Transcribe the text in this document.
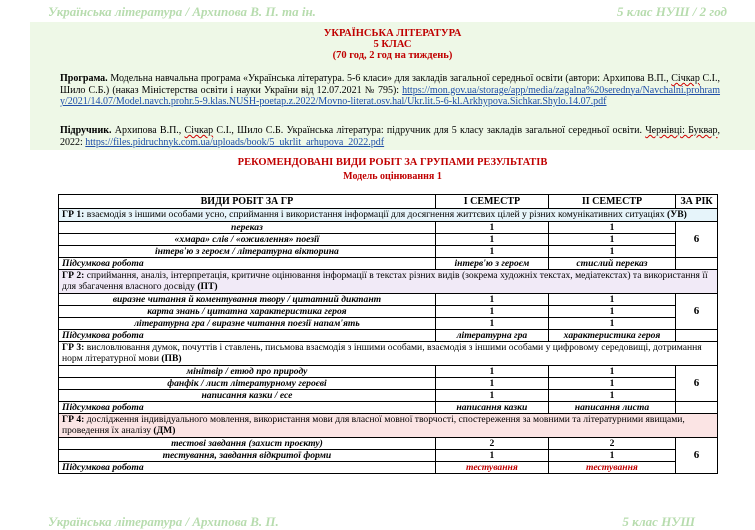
Українська література / Архипова В. П. та ін.	5 клас НУШ / 2 год
УКРАЇНСЬКА ЛІТЕРАТУРА
5 КЛАС
(70 год, 2 год на тиждень)
Програма. Модельна навчальна програма «Українська література. 5-6 класи» для закладів загальної середньої освіти (автори: Архипова В.П., Січкар С.І., Шило С.Б.) (наказ Міністерства освіти і науки України від 12.07.2021 № 795): https://mon.gov.ua/storage/app/media/zagalna%20serednya/Navchalni.prohramy/2021/14.07/Model.navch.prohr.5-9.klas.NUSH-poetap.z.2022/Movno-literat.osv.hal/Ukr.lit.5-6-kl.Arkhypova.Sichkar.Shylo.14.07.pdf
Підручник. Архипова В.П., Січкар С.І., Шило С.Б. Українська література: підручник для 5 класу закладів загальної середньої освіти. Чернівці: Буквар, 2022: https://files.pidruchnyk.com.ua/uploads/book/5_ukrlit_arhupova_2022.pdf
РЕКОМЕНДОВАНІ ВИДИ РОБІТ ЗА ГРУПАМИ РЕЗУЛЬТАТІВ
Модель оцінювання 1
ВИДИ РОБІТ ЗА ГР	І СЕМЕСТР	ІІ СЕМЕСТР	ЗА РІК
ГР 1: взаємодія з іншими особами усно, сприймання і використання інформації для досягнення життєвих цілей у різних комунікативних ситуаціях (УВ)			
переказ	1	1	6
«хмара» слів / «оживлення» поезії	1	1	
інтерв'ю з героєм / літературна вікторина	1	1	
Підсумкова робота	інтерв'ю з героєм	стислий переказ	
ГР 2: сприймання, аналіз, інтерпретація, критичне оцінювання інформації в текстах різних видів (зокрема художніх текстах, медіатекстах) та використання її для збагачення власного досвіду (ПТ)			
виразне читання й коментування твору / цитатний диктант	1	1	6
карта знань / цитатна характеристика героя	1	1	
літературна гра / виразне читання поезії напам'ять	1	1	
Підсумкова робота	літературна гра	характеристика героя	
ГР 3: висловлювання думок, почуттів і ставлень, письмова взаємодія з іншими особами, взаємодія з іншими особами у цифровому середовищі, дотримання норм літературної мови (ПВ)			
мінітвір / етюд про природу	1	1	6
фанфік / лист літературному героєві	1	1	
написання казки / есе	1	1	
Підсумкова робота	написання казки	написання листа	
ГР 4: дослідження індивідуального мовлення, використання мови для власної мовної творчості, спостереження за мовними та літературними явищами, проведення їх аналізу (ДМ)			
тестові завдання (захист проєкту)	2	2	6
тестування, завдання відкритої форми	1	1	
Підсумкова робота	тестування	тестування	
Українська література / Архипова В. П.	5 клас НУШ
